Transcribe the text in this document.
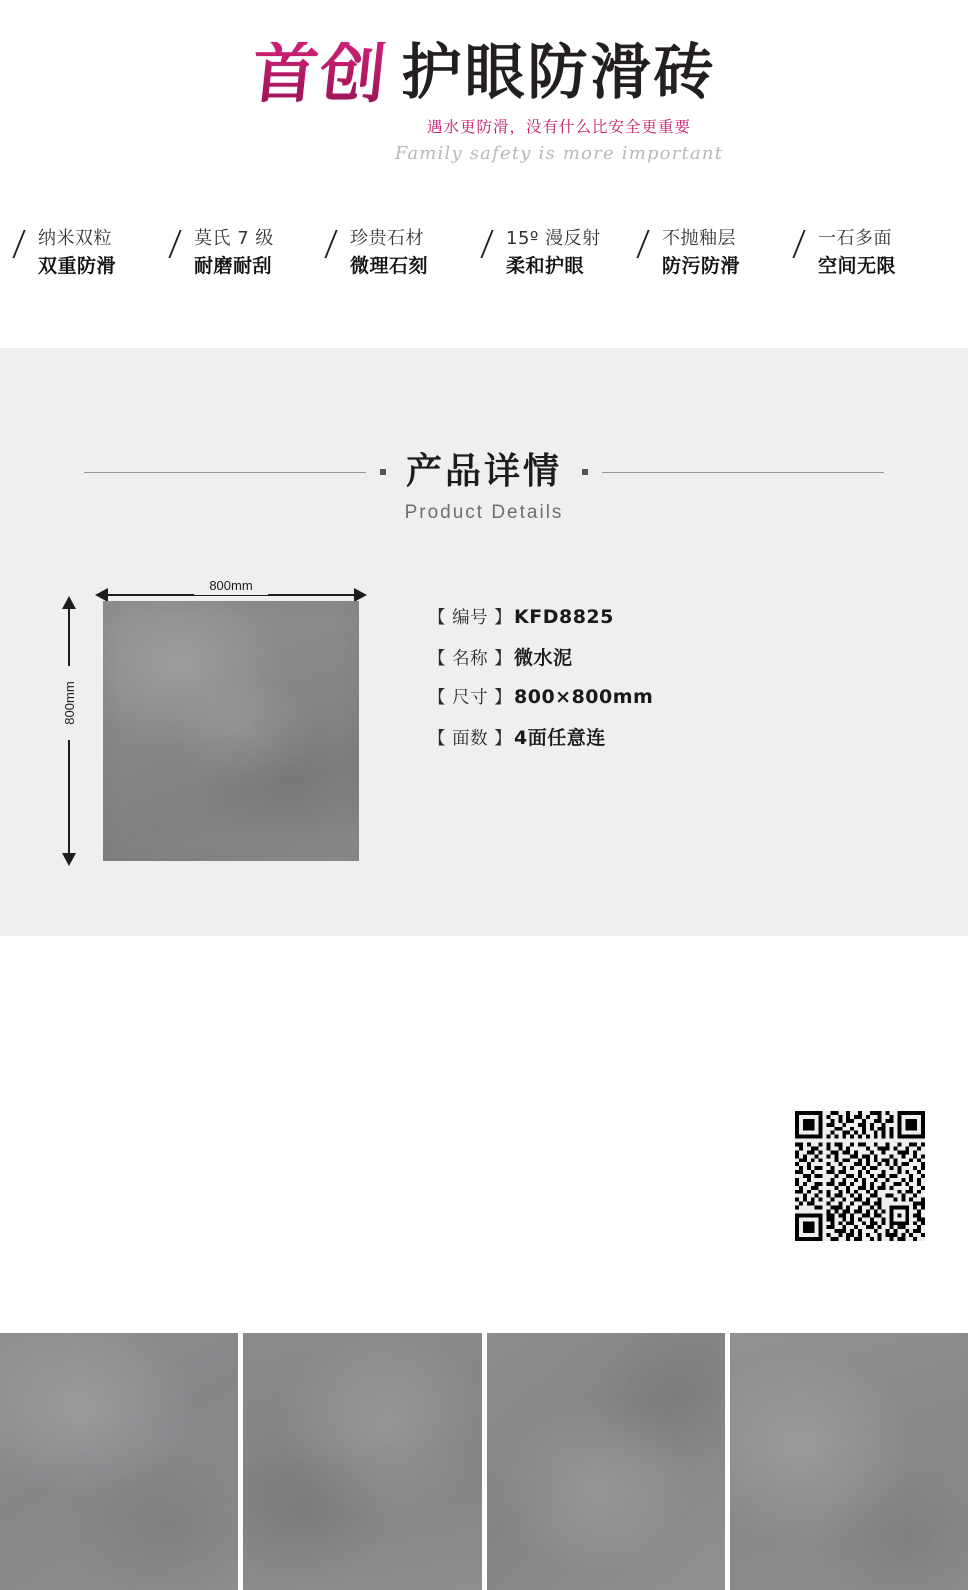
首创 护眼防滑砖
遇水更防滑，没有什么比安全更重要
Family safety is more important
纳米双粒
双重防滑
莫氏 7 级
耐磨耐刮
珍贵石材
微理石刻
15º 漫反射
柔和护眼
不抛釉层
防污防滑
一石多面
空间无限
产品详情
Product Details
800mm
800mm
【 编号 】 KFD8825
【 名称 】 微水泥
【 尺寸 】 800×800mm
【 面数 】 4面任意连
